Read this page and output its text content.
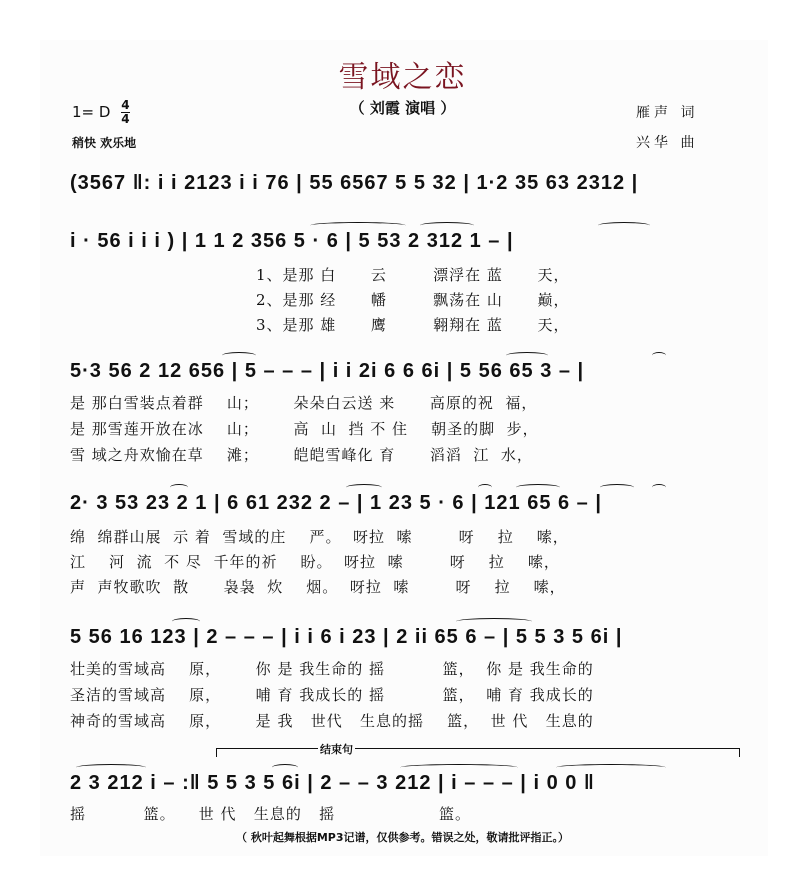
雪域之恋
（ 刘霞 演唱 ）
1= D $\frac{4}{4}$
稍快 欢乐地
雁声 词
兴华 曲
(3567 ‖: i i 2123 i i 76 | 55 6567 5 5 32 | 1·2 35 63 2312 |
i · 56 i i i ) | 1 1 2 356 5 · 6 | 5 53 2 312 1 – |
1、是那 白      云        漂浮在 蓝      天，
2、是那 经      幡        飘荡在 山      巅，
3、是那 雄      鹰        翱翔在 蓝      天，
5·3 56 2 12 656 | 5 – – – | i i 2i 6 6 6i | 5 56 65 3 – |
是 那白雪装点着群    山；      朵朵白云送 来      高原的祝  福，
是 那雪莲开放在冰    山；      高  山  挡 不 住    朝圣的脚  步，
雪 域之舟欢愉在草    滩；      皑皑雪峰化 育      滔滔  江  水，
2· 3 53 23 2 1 | 6 61 232 2 – | 1 23 5 · 6 | 121 65 6 – |
绵  绵群山展  示 着  雪域的庄    严。  呀拉  嗦        呀    拉    嗦，
江    河  流  不 尽  千年的祈    盼。  呀拉  嗦        呀    拉    嗦，
声  声牧歌吹  散      袅袅  炊    烟。  呀拉  嗦        呀    拉    嗦，
5 56 16 123 | 2 – – – | i i 6 i 23 | 2 ii 65 6 – | 5 5 3 5 6i |
壮美的雪域高    原，      你 是 我生命的 摇          篮，  你 是 我生命的
圣洁的雪域高    原，      哺 育 我成长的 摇          篮，  哺 育 我成长的
神奇的雪域高    原，      是 我   世代   生息的摇    篮，  世 代   生息的
结束句
2 3 212 i – :‖ 5 5 3 5 6i | 2 – – 3 212 | i – – – | i 0 0 ‖
摇          篮。    世 代   生息的   摇                  篮。
（ 秋叶起舞根据MP3记谱，仅供参考。错误之处，敬请批评指正。）
